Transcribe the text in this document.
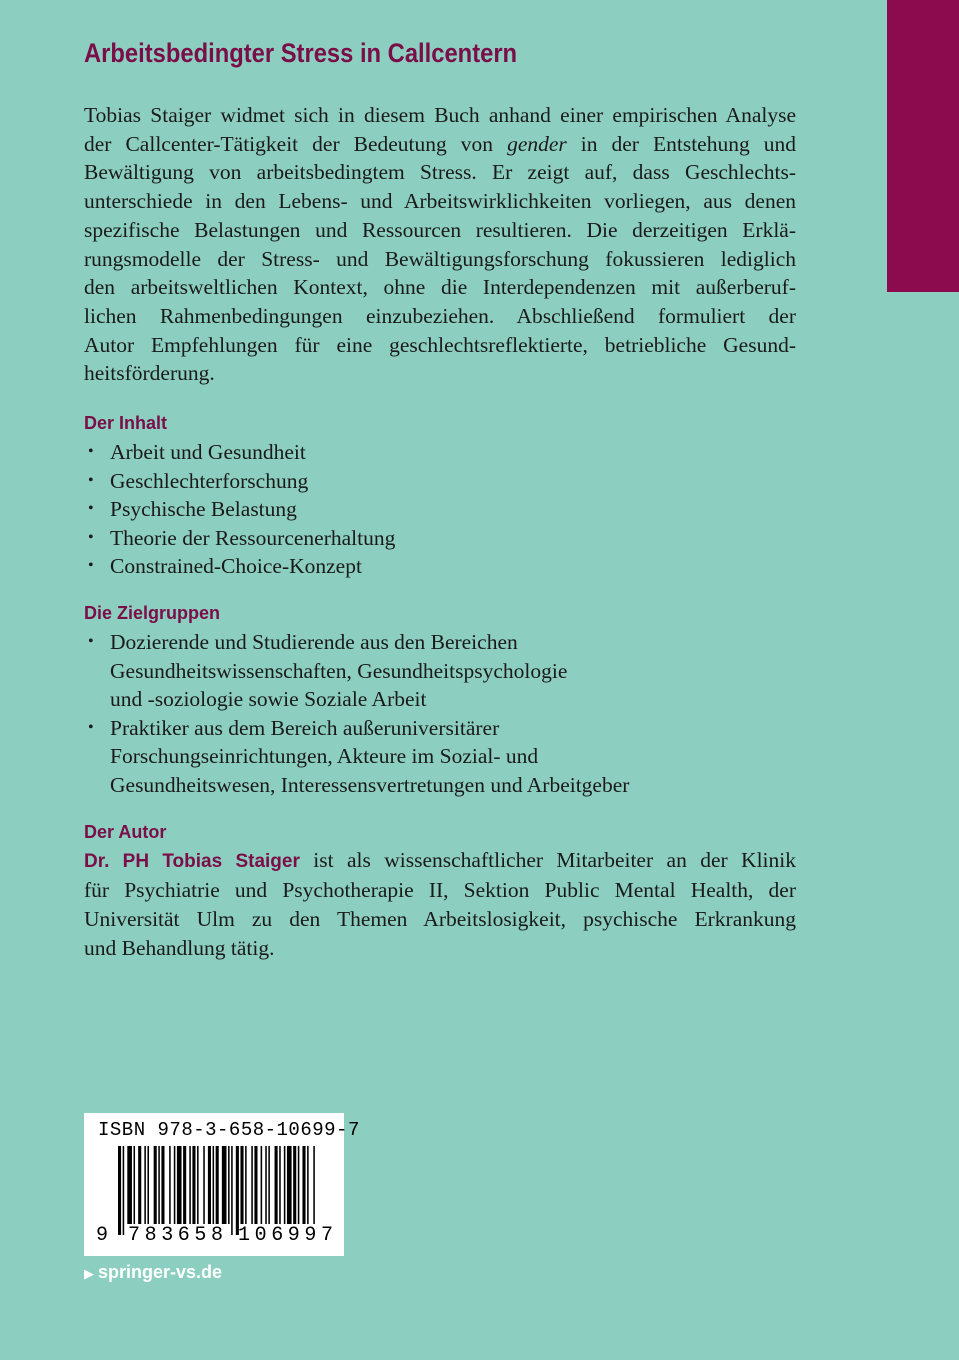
Arbeitsbedingter Stress in Callcentern

Tobias Staiger widmet sich in diesem Buch anhand einer empirischen Analyse
der Callcenter-Tätigkeit der Bedeutung von gender in der Entstehung und
Bewältigung von arbeitsbedingtem Stress. Er zeigt auf, dass Geschlechts-
unterschiede in den Lebens- und Arbeitswirklichkeiten vorliegen, aus denen
spezifische Belastungen und Ressourcen resultieren. Die derzeitigen Erklä-
rungsmodelle der Stress- und Bewältigungsforschung fokussieren lediglich
den arbeitsweltlichen Kontext, ohne die Interdependenzen mit außerberuf-
lichen Rahmenbedingungen einzubeziehen. Abschließend formuliert der
Autor Empfehlungen für eine geschlechtsreflektierte, betriebliche Gesund-
heitsförderung.

Der Inhalt
• Arbeit und Gesundheit
• Geschlechterforschung
• Psychische Belastung
• Theorie der Ressourcenerhaltung
• Constrained-Choice-Konzept
Die Zielgruppen
• Dozierende und Studierende aus den Bereichen
Gesundheitswissenschaften, Gesundheitspsychologie
und -soziologie sowie Soziale Arbeit
• Praktiker aus dem Bereich außeruniversitärer
Forschungseinrichtungen, Akteure im Sozial- und
Gesundheitswesen, Interessensvertretungen und Arbeitgeber
Der Autor

Dr. PH Tobias Staiger ist als wissenschaftlicher Mitarbeiter an der Klinik
für Psychiatrie und Psychotherapie II, Sektion Public Mental Health, der
Universität Ulm zu den Themen Arbeitslosigkeit, psychische Erkrankung
und Behandlung tätig.

ISBN 978-3-658-10699-7
9 783658 106997
▶ springer-vs.de
